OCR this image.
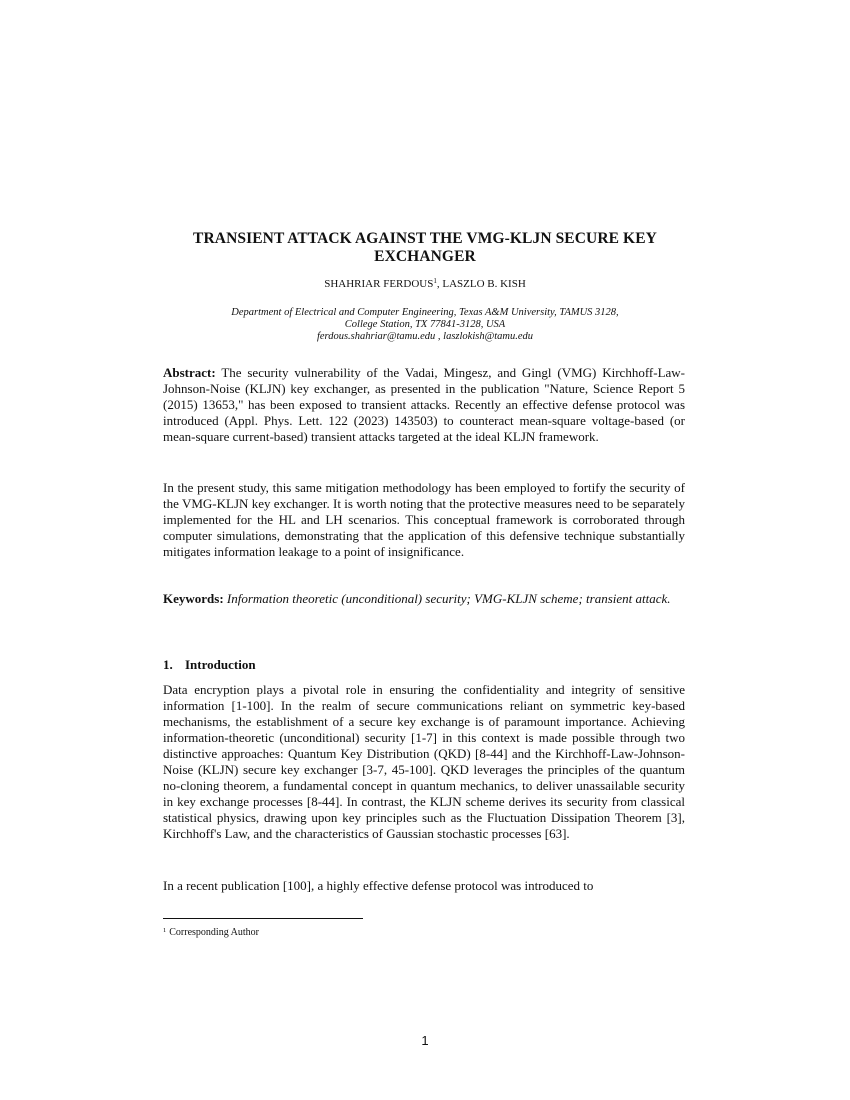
TRANSIENT ATTACK AGAINST THE VMG-KLJN SECURE KEY
EXCHANGER
SHAHRIAR FERDOUS$^1$, LASZLO B. KISH
Department of Electrical and Computer Engineering, Texas A&M University, TAMUS 3128,
College Station, TX 77841-3128, USA
ferdous.shahriar@tamu.edu , laszlokish@tamu.edu
Abstract: The security vulnerability of the Vadai, Mingesz, and Gingl (VMG) Kirchhoff-Law-Johnson-Noise (KLJN) key exchanger, as presented in the publication "Nature, Science Report 5 (2015) 13653," has been exposed to transient attacks. Recently an effective defense protocol was introduced (Appl. Phys. Lett. 122 (2023) 143503) to counteract mean-square voltage-based (or mean-square current-based) transient attacks targeted at the ideal KLJN framework.
In the present study, this same mitigation methodology has been employed to fortify the security of the VMG-KLJN key exchanger. It is worth noting that the protective measures need to be separately implemented for the HL and LH scenarios. This conceptual framework is corroborated through computer simulations, demonstrating that the application of this defensive technique substantially mitigates information leakage to a point of insignificance.
Keywords: Information theoretic (unconditional) security; VMG-KLJN scheme; transient attack.
1. Introduction
Data encryption plays a pivotal role in ensuring the confidentiality and integrity of sensitive information [1-100]. In the realm of secure communications reliant on symmetric key-based mechanisms, the establishment of a secure key exchange is of paramount importance. Achieving information-theoretic (unconditional) security [1-7] in this context is made possible through two distinctive approaches: Quantum Key Distribution (QKD) [8-44] and the Kirchhoff-Law-Johnson-Noise (KLJN) secure key exchanger [3-7, 45-100]. QKD leverages the principles of the quantum no-cloning theorem, a fundamental concept in quantum mechanics, to deliver unassailable security in key exchange processes [8-44]. In contrast, the KLJN scheme derives its security from classical statistical physics, drawing upon key principles such as the Fluctuation Dissipation Theorem [3], Kirchhoff's Law, and the characteristics of Gaussian stochastic processes [63].
In a recent publication [100], a highly effective defense protocol was introduced to
$^1$ Corresponding Author
1
